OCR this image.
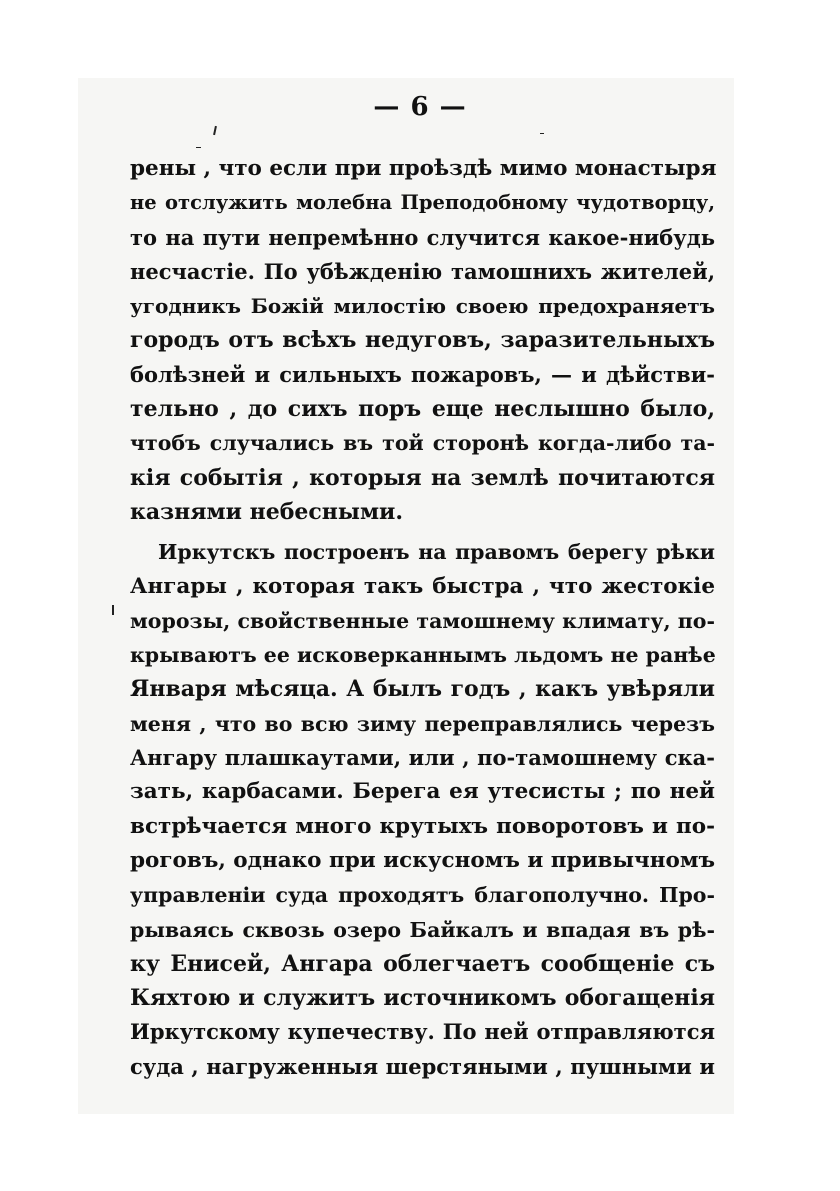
— 6 —
рены , что если при проѣздѣ мимо монастыря
не отслужить молебна Преподобному чудотворцу,
то на пути непремѣнно случится какое-нибудь
несчастіе. По убѣжденію тамошнихъ жителей,
угодникъ Божій милостію своею предохраняетъ
городъ отъ всѣхъ недуговъ, заразительныхъ
болѣзней и сильныхъ пожаровъ, — и дѣйстви-
тельно , до сихъ поръ еще неслышно было,
чтобъ случались въ той сторонѣ когда-либо та-
кія событія , которыя на землѣ почитаются
казнями небесными.
Иркутскъ построенъ на правомъ берегу рѣки
Ангары , которая такъ быстра , что жестокіе
морозы, свойственные тамошнему климату, по-
крываютъ ее исковерканнымъ льдомъ не ранѣе
Января мѣсяца. А былъ годъ , какъ увѣряли
меня , что во всю зиму переправлялись черезъ
Ангару плашкаутами, или , по-тамошнему ска-
зать, карбасами. Берега ея утесисты ; по ней
встрѣчается много крутыхъ поворотовъ и по-
роговъ, однако при искусномъ и привычномъ
управленіи суда проходятъ благополучно. Про-
рываясь сквозь озеро Байкалъ и впадая въ рѣ-
ку Енисей, Ангара облегчаетъ сообщеніе съ
Кяхтою и служитъ источникомъ обогащенія
Иркутскому купечеству. По ней отправляются
суда , нагруженныя шерстяными , пушными и
